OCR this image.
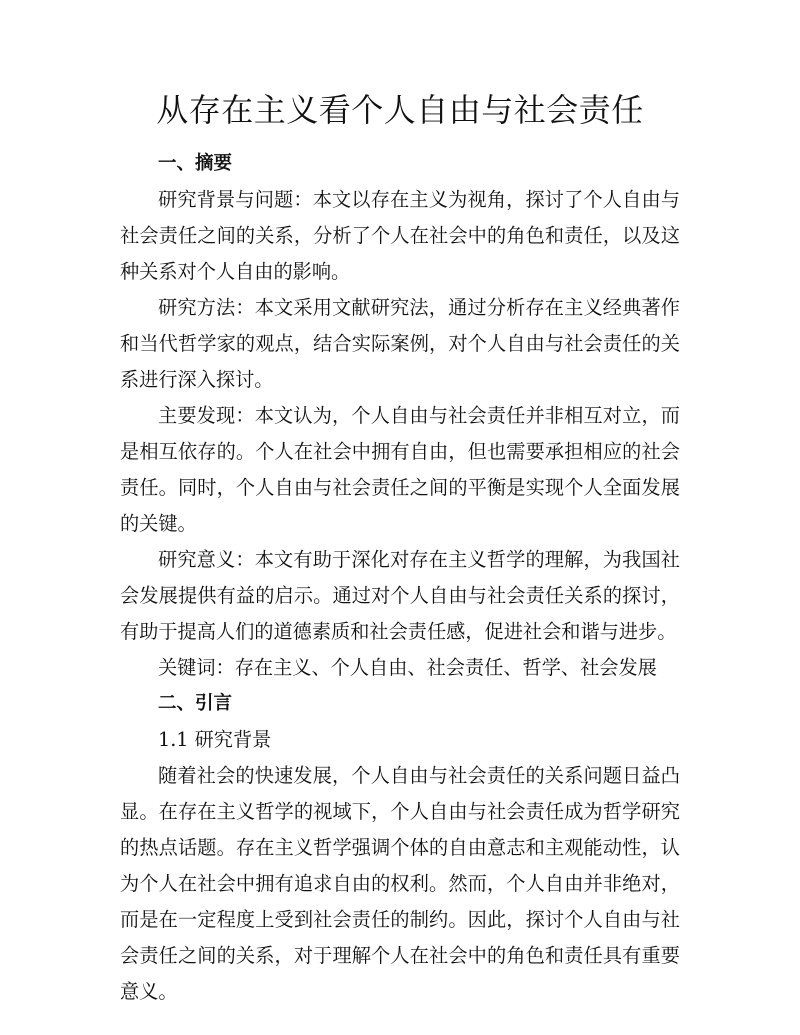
从存在主义看个人自由与社会责任

一、摘要

研究背景与问题：本文以存在主义为视角，探讨了个人自由与社会责任之间的关系，分析了个人在社会中的角色和责任，以及这种关系对个人自由的影响。

研究方法：本文采用文献研究法，通过分析存在主义经典著作和当代哲学家的观点，结合实际案例，对个人自由与社会责任的关系进行深入探讨。

主要发现：本文认为，个人自由与社会责任并非相互对立，而是相互依存的。个人在社会中拥有自由，但也需要承担相应的社会责任。同时，个人自由与社会责任之间的平衡是实现个人全面发展的关键。

研究意义：本文有助于深化对存在主义哲学的理解，为我国社会发展提供有益的启示。通过对个人自由与社会责任关系的探讨，有助于提高人们的道德素质和社会责任感，促进社会和谐与进步。

关键词：存在主义、个人自由、社会责任、哲学、社会发展

二、引言

1.1 研究背景

随着社会的快速发展，个人自由与社会责任的关系问题日益凸显。在存在主义哲学的视域下，个人自由与社会责任成为哲学研究的热点话题。存在主义哲学强调个体的自由意志和主观能动性，认为个人在社会中拥有追求自由的权利。然而，个人自由并非绝对，而是在一定程度上受到社会责任的制约。因此，探讨个人自由与社会责任之间的关系，对于理解个人在社会中的角色和责任具有重要意义。
